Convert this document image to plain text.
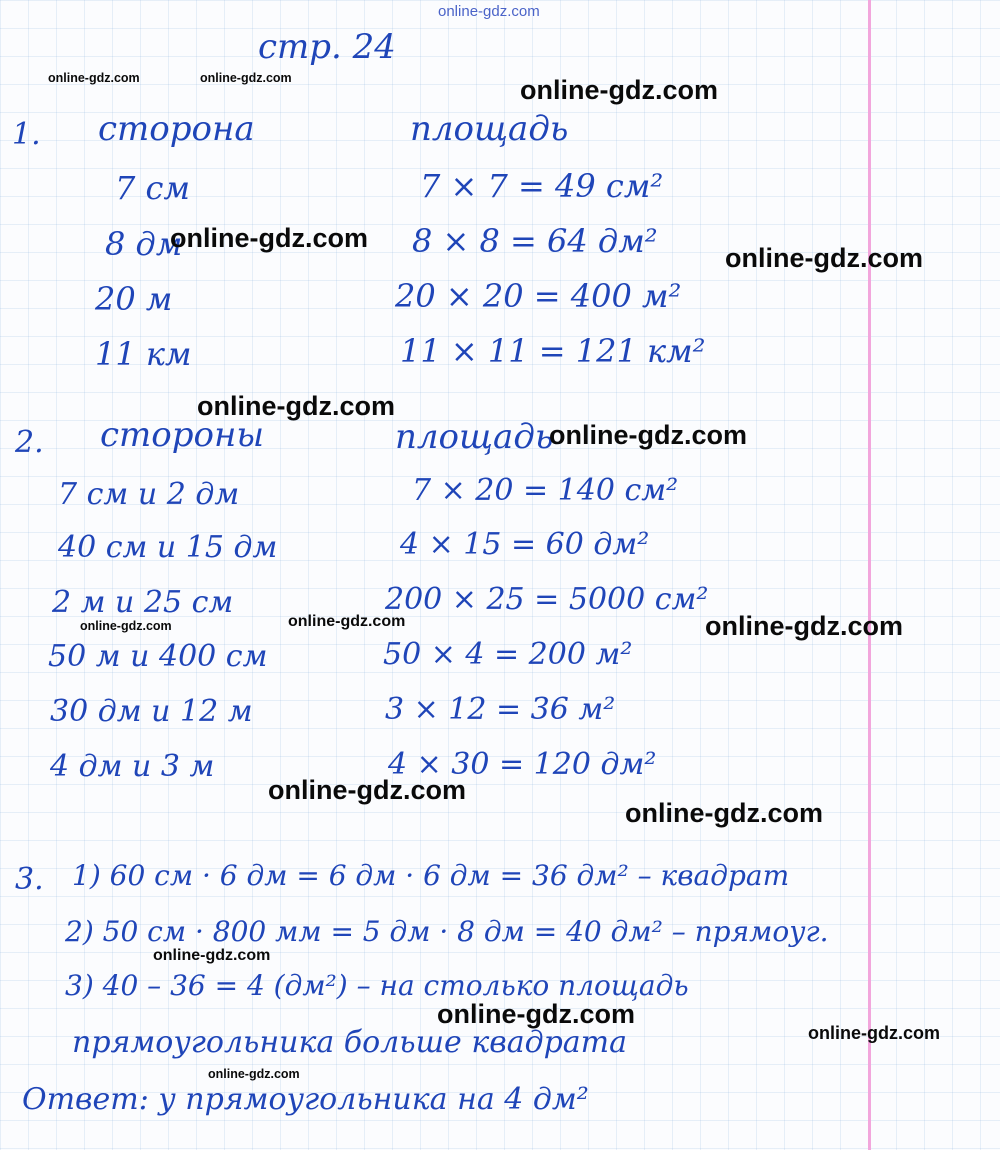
online-gdz.com
стр. 24
1. сторона	площадь
7 см	7 × 7 = 49 см²
8 дм	8 × 8 = 64 дм²
20 м	20 × 20 = 400 м²
11 км	11 × 11 = 121 км²
2. стороны	площадь
7 см и 2 дм	7 × 20 = 140 см²
40 см и 15 дм	4 × 15 = 60 дм²
2 м и 25 см	200 × 25 = 5000 см²
50 м и 400 см	50 × 4 = 200 м²
30 дм и 12 м	3 × 12 = 36 м²
4 дм и 3 м	4 × 30 = 120 дм²
3. 1) 60 см · 6 дм = 6 дм · 6 дм = 36 дм² – квадрат
2) 50 см · 800 мм = 5 дм · 8 дм = 40 дм² – прямоуг.
3) 40 – 36 = 4 (дм²) – на столько площадь
прямоугольника больше квадрата
Ответ: у прямоугольника на 4 дм²
online-gdz.com	online-gdz.com	online-gdz.com
online-gdz.com
online-gdz.com
online-gdz.com
online-gdz.com
online-gdz.com	online-gdz.com	online-gdz.com
online-gdz.com
online-gdz.com
online-gdz.com
online-gdz.com
online-gdz.com
online-gdz.com
